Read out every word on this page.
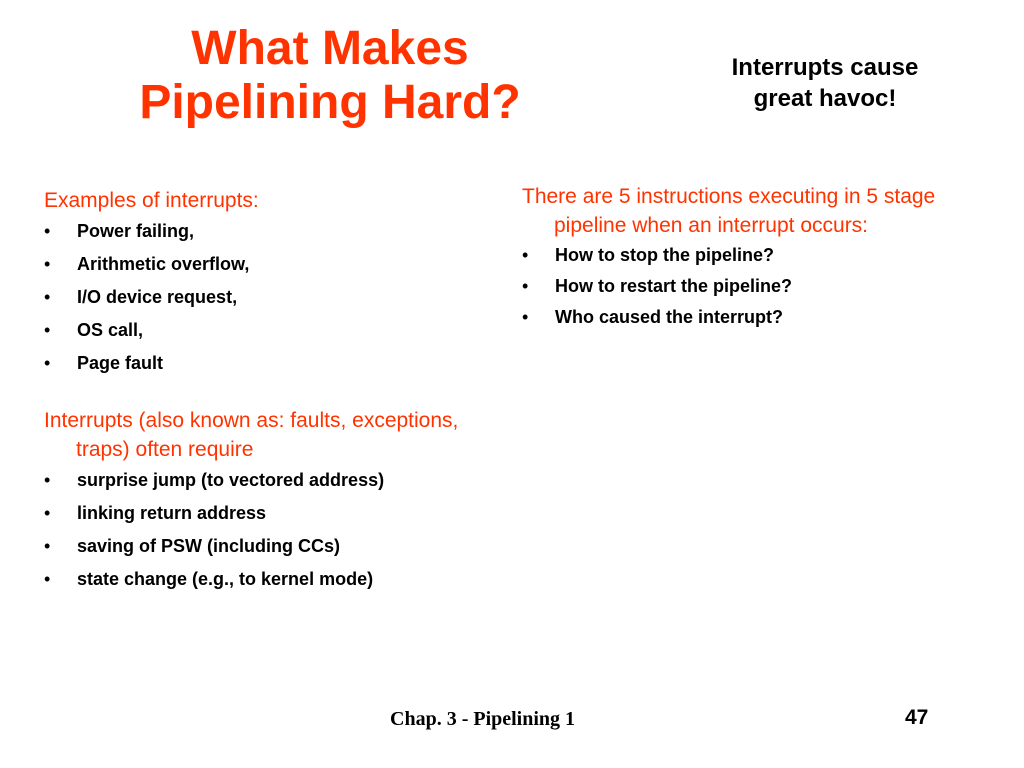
What Makes
Pipelining Hard?
Interrupts cause
great havoc!

Examples of interrupts:

• Power failing,
• Arithmetic overflow,
• I/O device request,
• OS call,
• Page fault

Interrupts (also known as: faults, exceptions, traps) often require

• surprise jump (to vectored address)
• linking return address
• saving of PSW (including CCs)
• state change (e.g., to kernel mode)

There are 5 instructions executing in 5 stage pipeline when an interrupt occurs:

• How to stop the pipeline?
• How to restart the pipeline?
• Who caused the interrupt?
Chap. 3 - Pipelining 1	47
